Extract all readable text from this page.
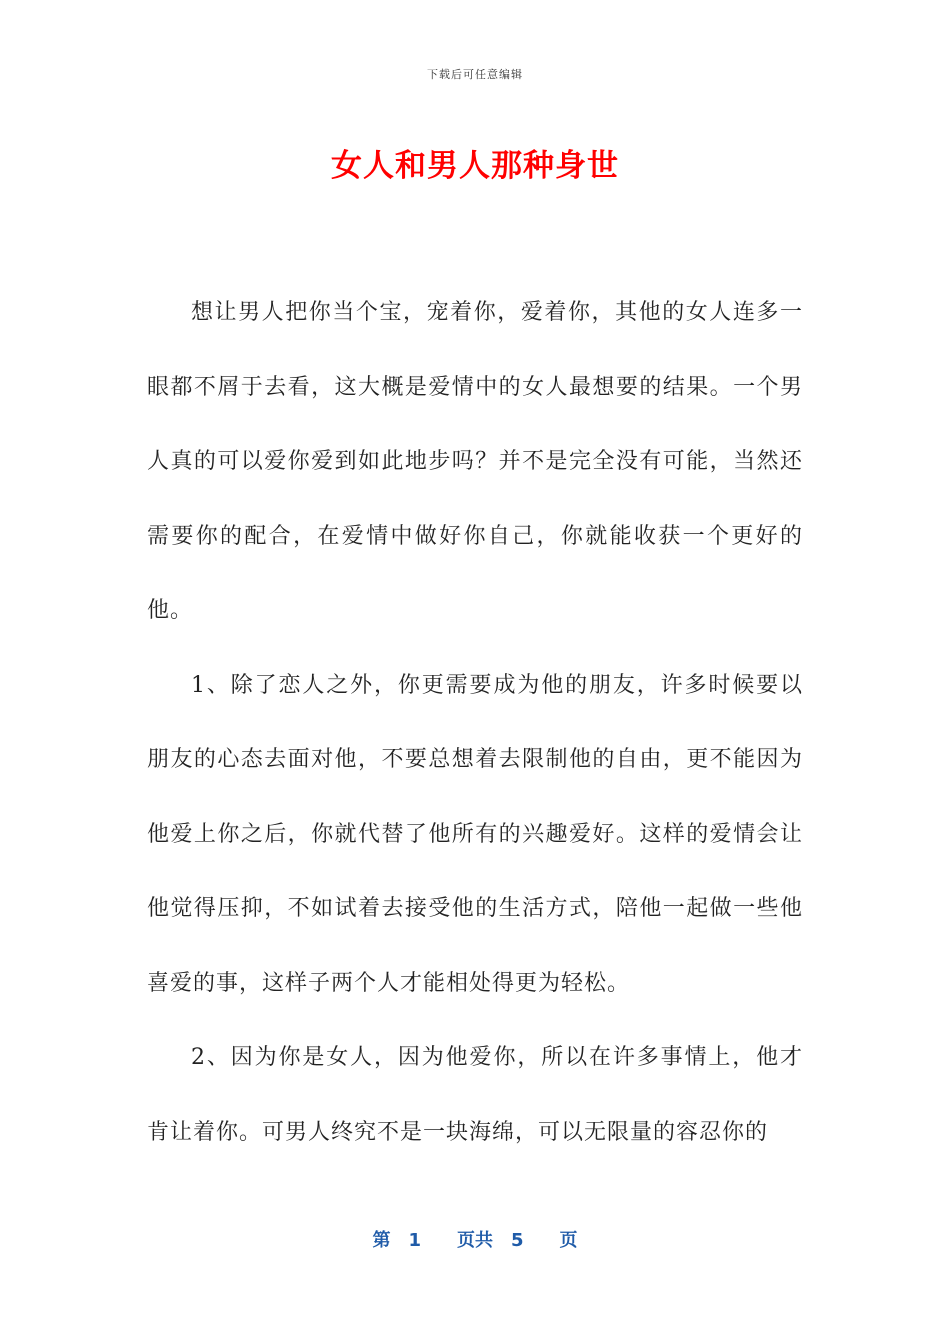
下载后可任意编辑
女人和男人那种身世

想让男人把你当个宝，宠着你，爱着你，其他的女人连多一眼都不屑于去看，这大概是爱情中的女人最想要的结果。一个男人真的可以爱你爱到如此地步吗？并不是完全没有可能，当然还需要你的配合，在爱情中做好你自己，你就能收获一个更好的他。

1、除了恋人之外，你更需要成为他的朋友，许多时候要以朋友的心态去面对他，不要总想着去限制他的自由，更不能因为他爱上你之后，你就代替了他所有的兴趣爱好。这样的爱情会让他觉得压抑，不如试着去接受他的生活方式，陪他一起做一些他喜爱的事，这样子两个人才能相处得更为轻松。

2、因为你是女人，因为他爱你，所以在许多事情上，他才肯让着你。可男人终究不是一块海绵，可以无限量的容忍你的

第　1　　页共　5　　页
